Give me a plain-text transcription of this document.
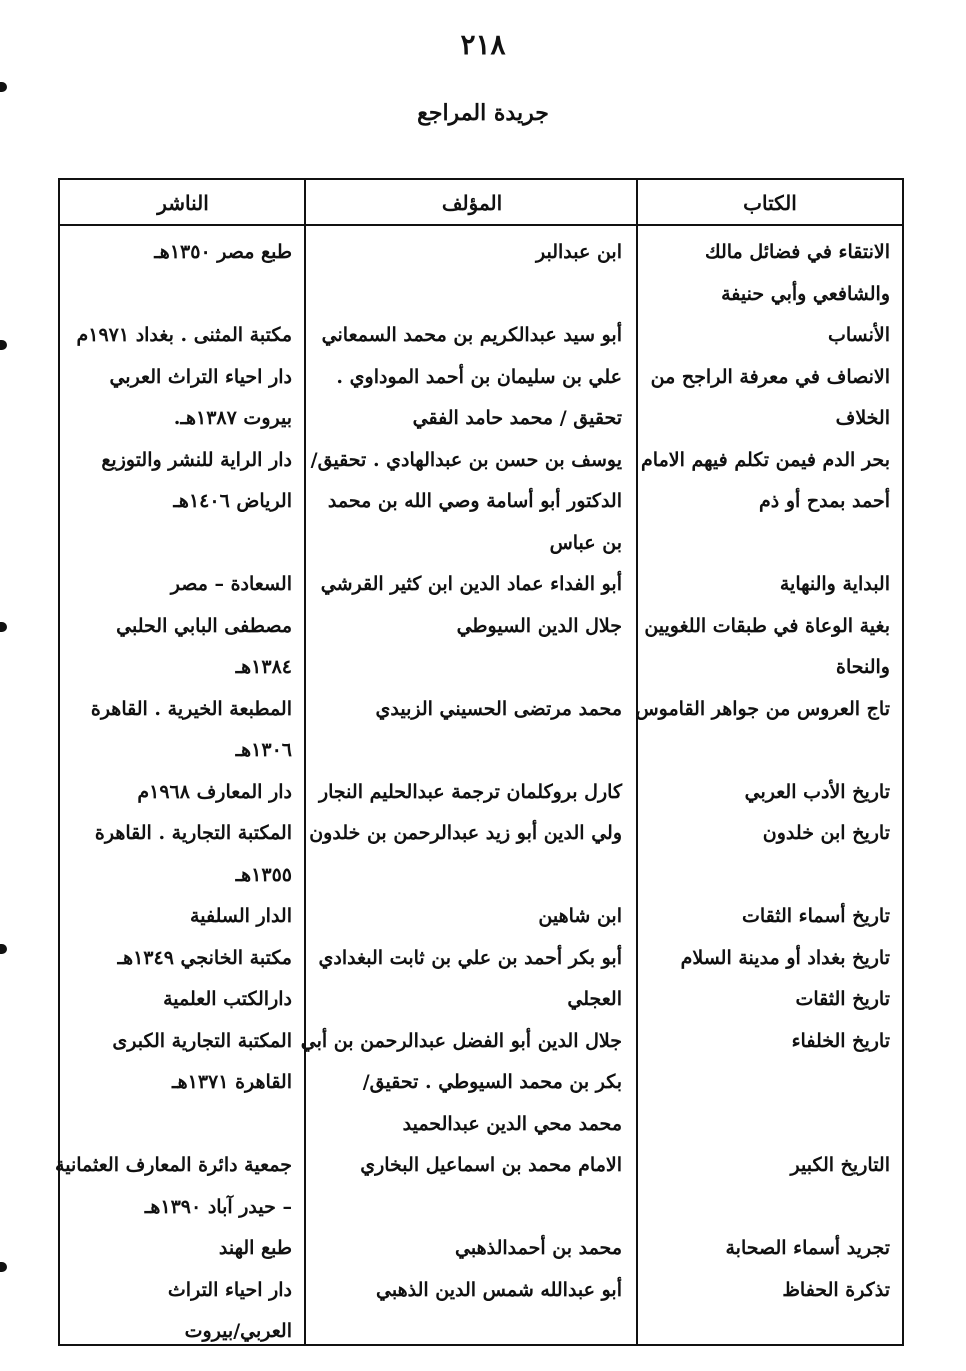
٢١٨
جريدة المراجع
الكتاب
المؤلف
الناشر
الانتقاء في فضائل مالك
والشافعي وأبي حنيفة
ابن عبدالبر
طبع مصر ١٣٥٠هـ
الأنساب
أبو سيد عبدالكريم بن محمد السمعاني
مكتبة المثنى . بغداد ١٩٧١م
الانصاف في معرفة الراجح من
الخلاف
علي بن سليمان بن أحمد الموداوي .
تحقيق / محمد حامد الفقي
دار احياء التراث العربي
بيروت ١٣٨٧هـ.
بحر الدم فيمن تكلم فيهم الامام
أحمد بمدح أو ذم
يوسف بن حسن بن عبدالهادي . تحقيق/
الدكتور أبو أسامة وصي الله بن محمد
بن عباس
دار الراية للنشر والتوزيع
الرياض ١٤٠٦هـ
البداية والنهاية
أبو الفداء عماد الدين ابن كثير القرشي
السعادة – مصر
بغية الوعاة في طبقات اللغويين
والنحاة
جلال الدين السيوطي
مصطفى البابي الحلبي
١٣٨٤هـ
تاج العروس من جواهر القاموس
محمد مرتضى الحسيني الزبيدي
المطبعة الخيرية . القاهرة
١٣٠٦هـ
تاريخ الأدب العربي
كارل بروكلمان ترجمة عبدالحليم النجار
دار المعارف ١٩٦٨م
تاريخ ابن خلدون
ولي الدين أبو زيد عبدالرحمن بن خلدون
المكتبة التجارية . القاهرة
١٣٥٥هـ
تاريخ أسماء الثقات
ابن شاهين
الدار السلفية
تاريخ بغداد أو مدينة السلام
أبو بكر أحمد بن علي بن ثابت البغدادي
مكتبة الخانجي ١٣٤٩هـ
تاريخ الثقات
العجلي
دارالكتب العلمية
تاريخ الخلفاء
جلال الدين أبو الفضل عبدالرحمن بن أبي
بكر بن محمد السيوطي . تحقيق/
محمد محي الدين عبدالحميد
المكتبة التجارية الكبرى
القاهرة ١٣٧١هـ
التاريخ الكبير
الامام محمد بن اسماعيل البخاري
جمعية دائرة المعارف العثمانية
– حيدر آباد ١٣٩٠هـ
تجريد أسماء الصحابة
محمد بن أحمدالذهبي
طبع الهند
تذكرة الحفاظ
أبو عبدالله شمس الدين الذهبي
دار احياء التراث
العربي/بيروت
